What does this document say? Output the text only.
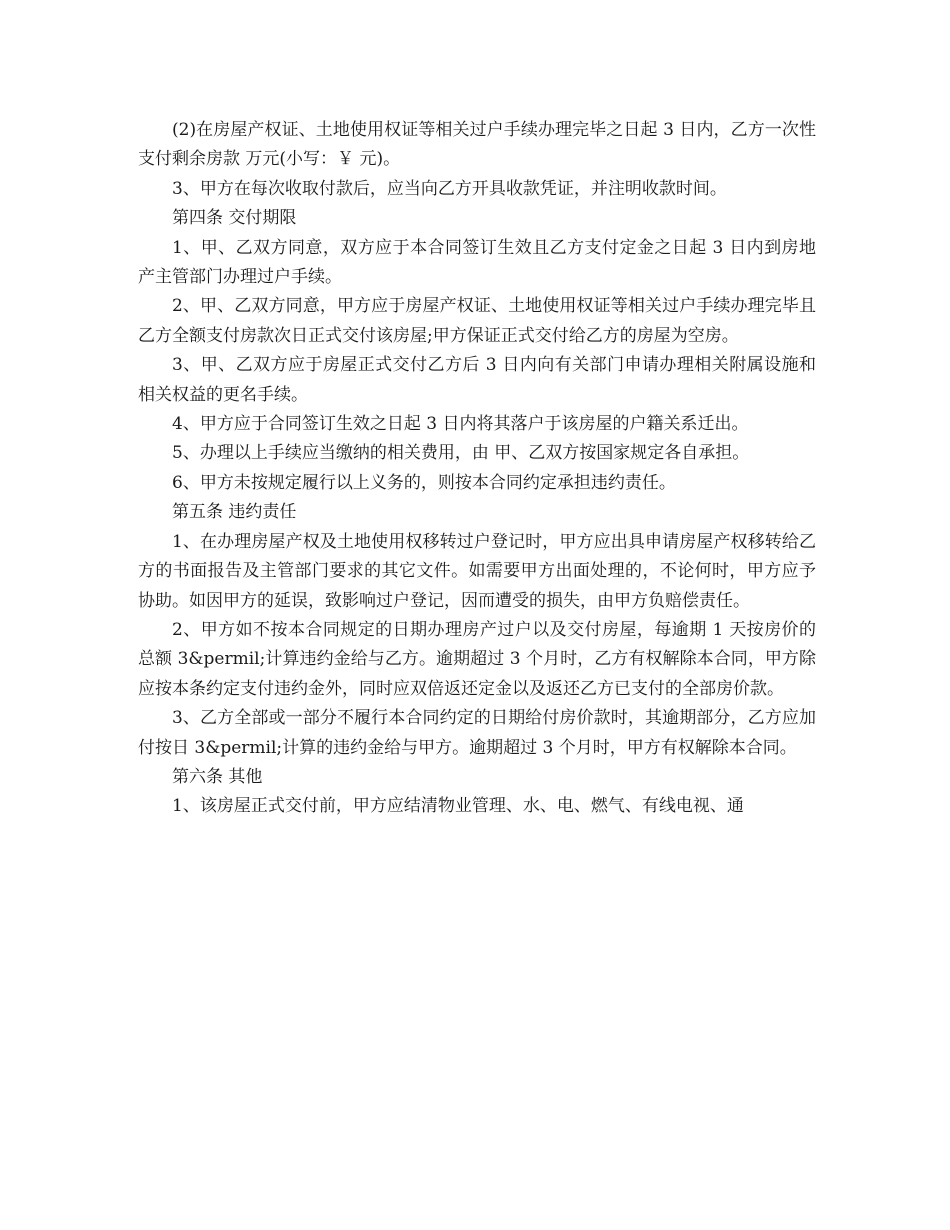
(2)在房屋产权证、土地使用权证等相关过户手续办理完毕之日起 3 日内，乙方一次性支付剩余房款 万元(小写：￥ 元)。

3、甲方在每次收取付款后，应当向乙方开具收款凭证，并注明收款时间。

第四条 交付期限

1、甲、乙双方同意，双方应于本合同签订生效且乙方支付定金之日起 3 日内到房地产主管部门办理过户手续。

2、甲、乙双方同意，甲方应于房屋产权证、土地使用权证等相关过户手续办理完毕且乙方全额支付房款次日正式交付该房屋;甲方保证正式交付给乙方的房屋为空房。

3、甲、乙双方应于房屋正式交付乙方后 3 日内向有关部门申请办理相关附属设施和相关权益的更名手续。

4、甲方应于合同签订生效之日起 3 日内将其落户于该房屋的户籍关系迁出。

5、办理以上手续应当缴纳的相关费用，由 甲、乙双方按国家规定各自承担。

6、甲方未按规定履行以上义务的，则按本合同约定承担违约责任。

第五条 违约责任

1、在办理房屋产权及土地使用权移转过户登记时，甲方应出具申请房屋产权移转给乙方的书面报告及主管部门要求的其它文件。如需要甲方出面处理的，不论何时，甲方应予协助。如因甲方的延误，致影响过户登记，因而遭受的损失，由甲方负赔偿责任。

2、甲方如不按本合同规定的日期办理房产过户以及交付房屋，每逾期 1 天按房价的总额 3&permil;计算违约金给与乙方。逾期超过 3 个月时，乙方有权解除本合同，甲方除应按本条约定支付违约金外，同时应双倍返还定金以及返还乙方已支付的全部房价款。

3、乙方全部或一部分不履行本合同约定的日期给付房价款时，其逾期部分，乙方应加付按日 3&permil;计算的违约金给与甲方。逾期超过 3 个月时，甲方有权解除本合同。

第六条 其他

1、该房屋正式交付前，甲方应结清物业管理、水、电、燃气、有线电视、通
